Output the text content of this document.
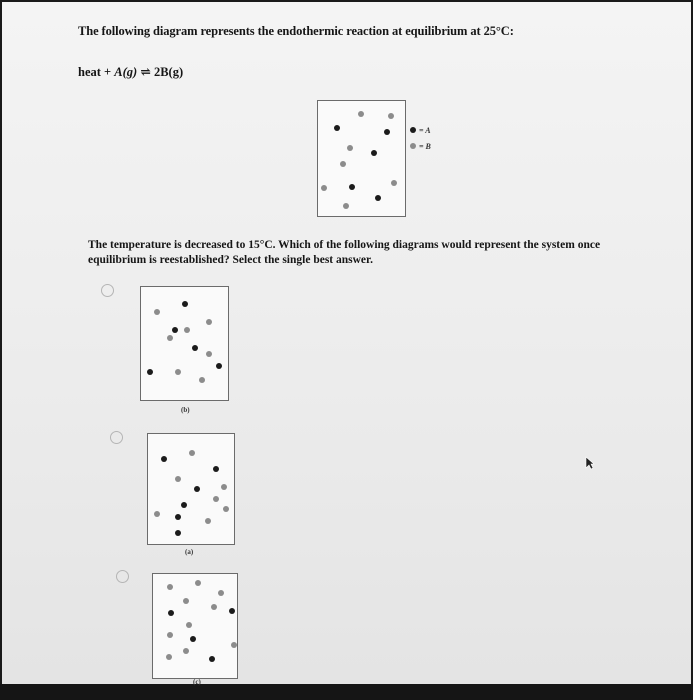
The following diagram represents the endothermic reaction at equilibrium at 25°C:
heat + A(g) ⇌ 2B(g)
= A
= B
The temperature is decreased to 15°C. Which of the following diagrams would represent the system once equilibrium is reestablished? Select the single best answer.
(b)
(a)
(c)
